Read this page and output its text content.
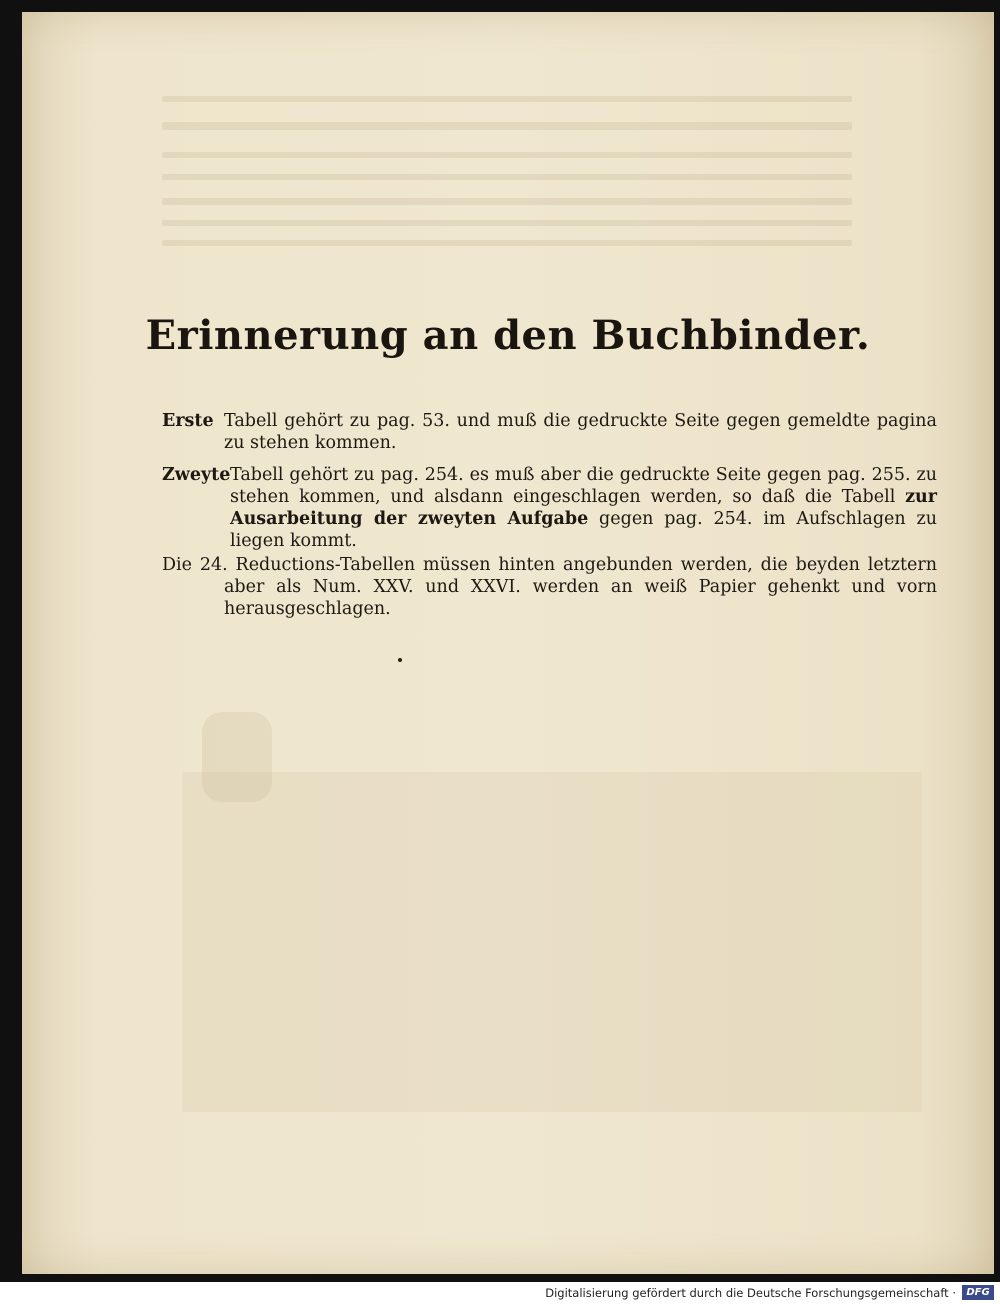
Erinnerung an den Buchbinder.
Erste Tabell gehört zu pag. 53. und muß die gedruckte Seite gegen gemeldte pagina zu stehen kommen.
Zweyte Tabell gehört zu pag. 254. es muß aber die gedruckte Seite gegen pag. 255. zu stehen kommen, und alsdann eingeschlagen werden, so daß die Tabell zur Ausarbeitung der zweyten Aufgabe gegen pag. 254. im Aufschlagen zu liegen kommt.
Die 24. Reductions-Tabellen müssen hinten angebunden werden, die beyden letztern aber als Num. XXV. und XXVI. werden an weiß Papier gehenkt und vorn herausgeschlagen.
Digitalisierung gefördert durch die Deutsche Forschungsgemeinschaft ·	DFG
